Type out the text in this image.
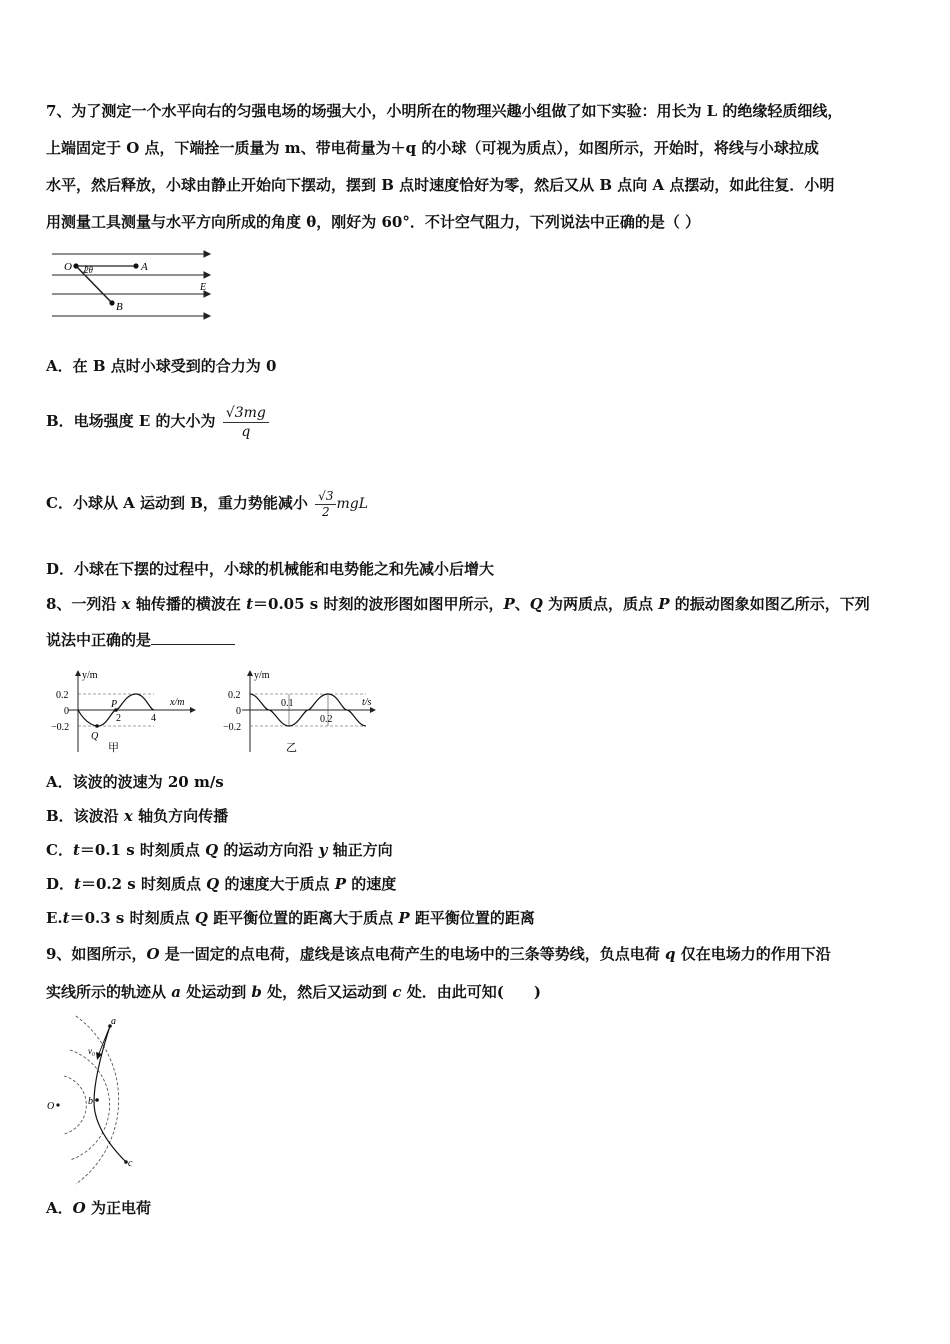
7、为了测定一个水平向右的匀强电场的场强大小，小明所在的物理兴趣小组做了如下实验：用长为 L 的绝缘轻质细线，
上端固定于 O 点，下端拴一质量为 m、带电荷量为＋q 的小球（可视为质点），如图所示，开始时，将线与小球拉成
水平，然后释放，小球由静止开始向下摆动，摆到 B 点时速度恰好为零，然后又从 B 点向 A 点摆动，如此往复．小明
用测量工具测量与水平方向所成的角度 θ，刚好为 60°．不计空气阻力，下列说法中正确的是（ ）
O	A
B
E
2θ
A．在 B 点时小球受到的合力为 0
B．电场强度 E 的大小为 $\frac{√3mg}{q}$
C．小球从 A 运动到 B，重力势能减小 $\frac{√3}{2}$ mgL
D．小球在下摆的过程中，小球的机械能和电势能之和先减小后增大
8、一列沿 x 轴传播的横波在 t＝0.05 s 时刻的波形图如图甲所示，P、Q 为两质点，质点 P 的振动图象如图乙所示，下列
说法中正确的是
y/m
x/m
0.2
0
−0.2
2	4
P
Q
甲
y/m
t/s
0.2
0
−0.2
0.1
0.2
乙
A．该波的波速为 20 m/s
B．该波沿 x 轴负方向传播
C．t＝0.1 s 时刻质点 Q 的运动方向沿 y 轴正方向
D．t＝0.2 s 时刻质点 Q 的速度大于质点 P 的速度
E.t＝0.3 s 时刻质点 Q 距平衡位置的距离大于质点 P 距平衡位置的距离
9、如图所示，O 是一固定的点电荷，虚线是该点电荷产生的电场中的三条等势线，负点电荷 q 仅在电场力的作用下沿
实线所示的轨迹从 a 处运动到 b 处，然后又运动到 c 处．由此可知(　　)
a
v₀
b
c
O
A．O 为正电荷
